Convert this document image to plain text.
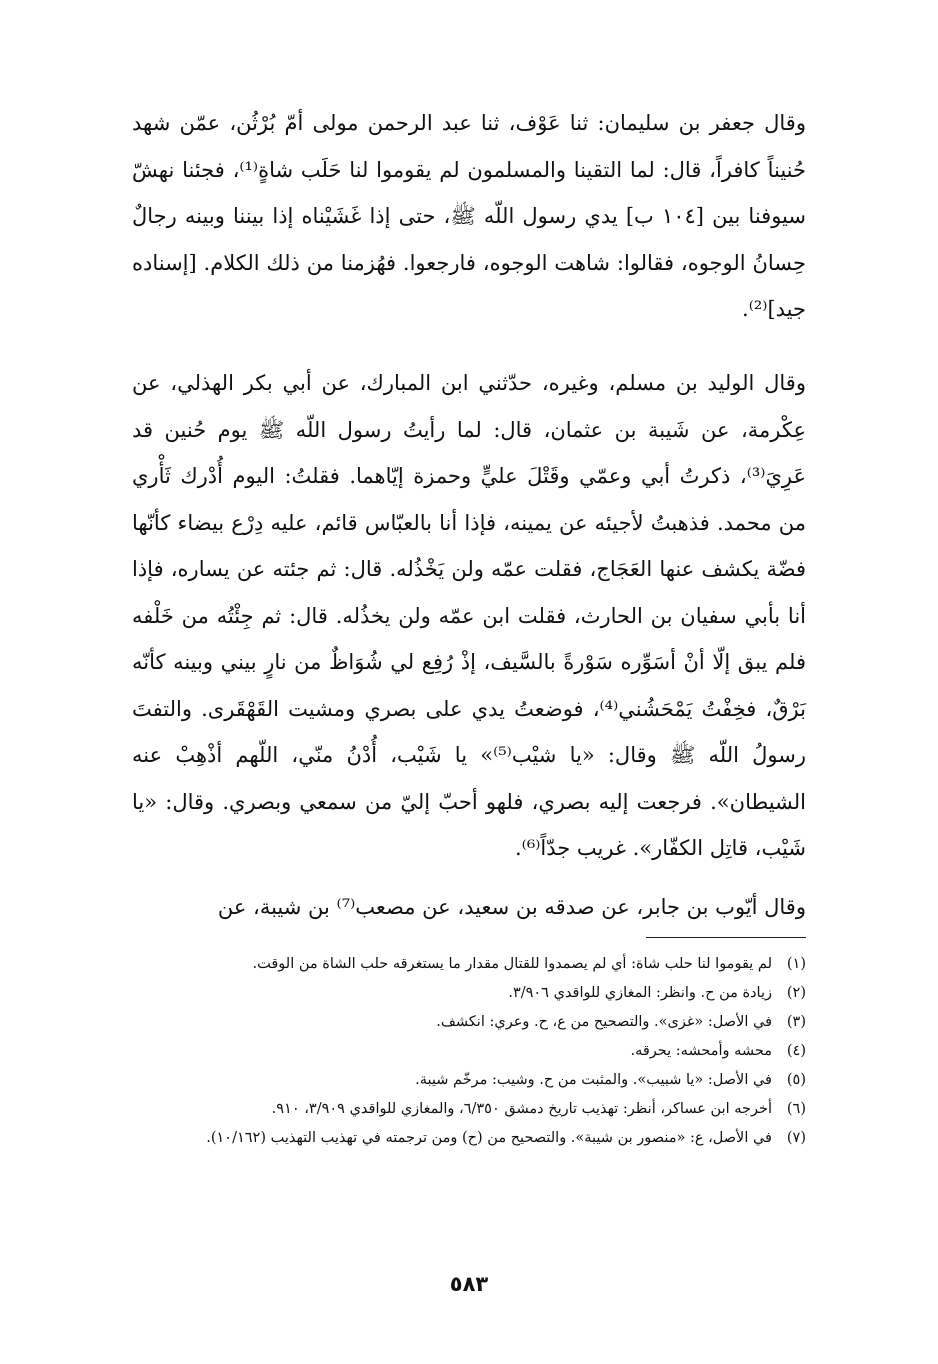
وقال جعفر بن سليمان: ثنا عَوْف، ثنا عبد الرحمن مولى أمّ بُرْثُن، عمّن شهد حُنيناً كافراً، قال: لما التقينا والمسلمون لم يقوموا لنا حَلَب شاةٍ⁽¹⁾، فجئنا نهشّ سيوفنا بين [١٠٤ ب] يدي رسول اللّه ﷺ، حتى إذا غَشَيْناه إذا بيننا وبينه رجالٌ حِسانُ الوجوه، فقالوا: شاهت الوجوه، فارجعوا. فهُزمنا من ذلك الكلام. [إسناده جيد]⁽²⁾.

وقال الوليد بن مسلم، وغيره، حدّثني ابن المبارك، عن أبي بكر الهذلي، عن عِكْرمة، عن شَيبة بن عثمان، قال: لما رأيتُ رسول اللّه ﷺ يوم حُنين قد عَرِيَ⁽³⁾، ذكرتُ أبي وعمّي وقَتْلَ عليٍّ وحمزة إيّاهما. فقلتُ: اليوم أُدْرك ثَأْري من محمد. فذهبتُ لأجيئه عن يمينه، فإذا أنا بالعبّاس قائم، عليه دِرْع بيضاء كأنّها فضّة يكشف عنها العَجَاج، فقلت عمّه ولن يَخْذُله. قال: ثم جئته عن يساره، فإذا أنا بأبي سفيان بن الحارث، فقلت ابن عمّه ولن يخذُله. قال: ثم جِئْتُه من خَلْفه فلم يبق إلّا أنْ أسَوِّره سَوْرةً بالسَّيف، إذْ رُفِع لي شُوَاظٌ من نارٍ بيني وبينه كأنّه بَرْقٌ، فخِفْتُ يَمْحَشُني⁽⁴⁾، فوضعتُ يدي على بصري ومشيت القَهْقَرى. والتفتَ رسولُ اللّه ﷺ وقال: «يا شيْب⁽⁵⁾» يا شَيْب، أُدْنُ منّي، اللّهم أذْهِبْ عنه الشيطان». فرجعت إليه بصري، فلهو أحبّ إليّ من سمعي وبصري. وقال: «يا شَيْب، قاتِل الكفّار». غريب جدّاً⁽⁶⁾.

وقال أيّوب بن جابر، عن صدقه بن سعيد، عن مصعب⁽⁷⁾ بن شيبة، عن

(١)
لم يقوموا لنا حلب شاة: أي لم يصمدوا للقتال مقدار ما يستغرقه حلب الشاة من الوقت.
(٢)
زيادة من ح. وانظر: المغازي للواقدي ٣/٩٠٦.
(٣)
في الأصل: «غزى». والتصحيح من ع، ح. وعري: انكشف.
(٤)
محشه وأمحشه: يحرقه.
(٥)
في الأصل: «يا شبيب». والمثبت من ح. وشيب: مرخّم شيبة.
(٦)
أخرجه ابن عساكر، أنظر: تهذيب تاريخ دمشق ٦/٣٥٠، والمغازي للواقدي ٣/٩٠٩، ٩١٠.
(٧)
في الأصل، ع: «منصور بن شيبة». والتصحيح من (ح) ومن ترجمته في تهذيب التهذيب (١٠/١٦٢).
٥٨٣
